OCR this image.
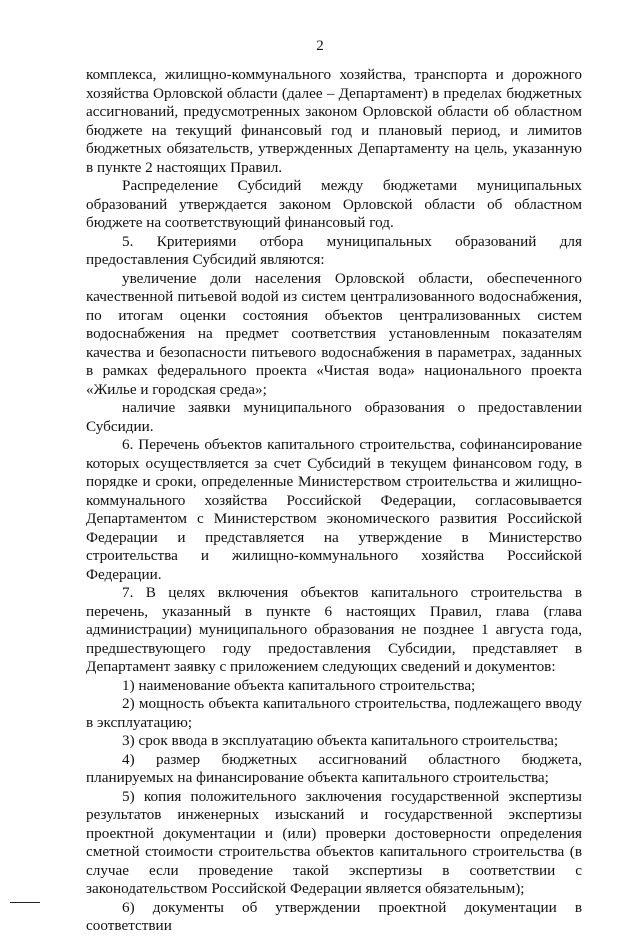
2

комплекса, жилищно-коммунального хозяйства, транспорта и дорожного хозяйства Орловской области (далее – Департамент) в пределах бюджетных ассигнований, предусмотренных законом Орловской области об областном бюджете на текущий финансовый год и плановый период, и лимитов бюджетных обязательств, утвержденных Департаменту на цель, указанную в пункте 2 настоящих Правил.

Распределение Субсидий между бюджетами муниципальных образований утверждается законом Орловской области об областном бюджете на соответствующий финансовый год.

5. Критериями отбора муниципальных образований для предоставления Субсидий являются:

увеличение доли населения Орловской области, обеспеченного качественной питьевой водой из систем централизованного водоснабжения, по итогам оценки состояния объектов централизованных систем водоснабжения на предмет соответствия установленным показателям качества и безопасности питьевого водоснабжения в параметрах, заданных в рамках федерального проекта «Чистая вода» национального проекта «Жилье и городская среда»;

наличие заявки муниципального образования о предоставлении Субсидии.

6. Перечень объектов капитального строительства, софинансирование которых осуществляется за счет Субсидий в текущем финансовом году, в порядке и сроки, определенные Министерством строительства и жилищно-коммунального хозяйства Российской Федерации, согласовывается Департаментом с Министерством экономического развития Российской Федерации и представляется на утверждение в Министерство строительства и жилищно-коммунального хозяйства Российской Федерации.

7. В целях включения объектов капитального строительства в перечень, указанный в пункте 6 настоящих Правил, глава (глава администрации) муниципального образования не позднее 1 августа года, предшествующего году предоставления Субсидии, представляет в Департамент заявку с приложением следующих сведений и документов:

1) наименование объекта капитального строительства;

2) мощность объекта капитального строительства, подлежащего вводу в эксплуатацию;

3) срок ввода в эксплуатацию объекта капитального строительства;

4) размер бюджетных ассигнований областного бюджета, планируемых на финансирование объекта капитального строительства;

5) копия положительного заключения государственной экспертизы результатов инженерных изысканий и государственной экспертизы проектной документации и (или) проверки достоверности определения сметной стоимости строительства объектов капитального строительства (в случае если проведение такой экспертизы в соответствии с законодательством Российской Федерации является обязательным);

6) документы об утверждении проектной документации в соответствии
